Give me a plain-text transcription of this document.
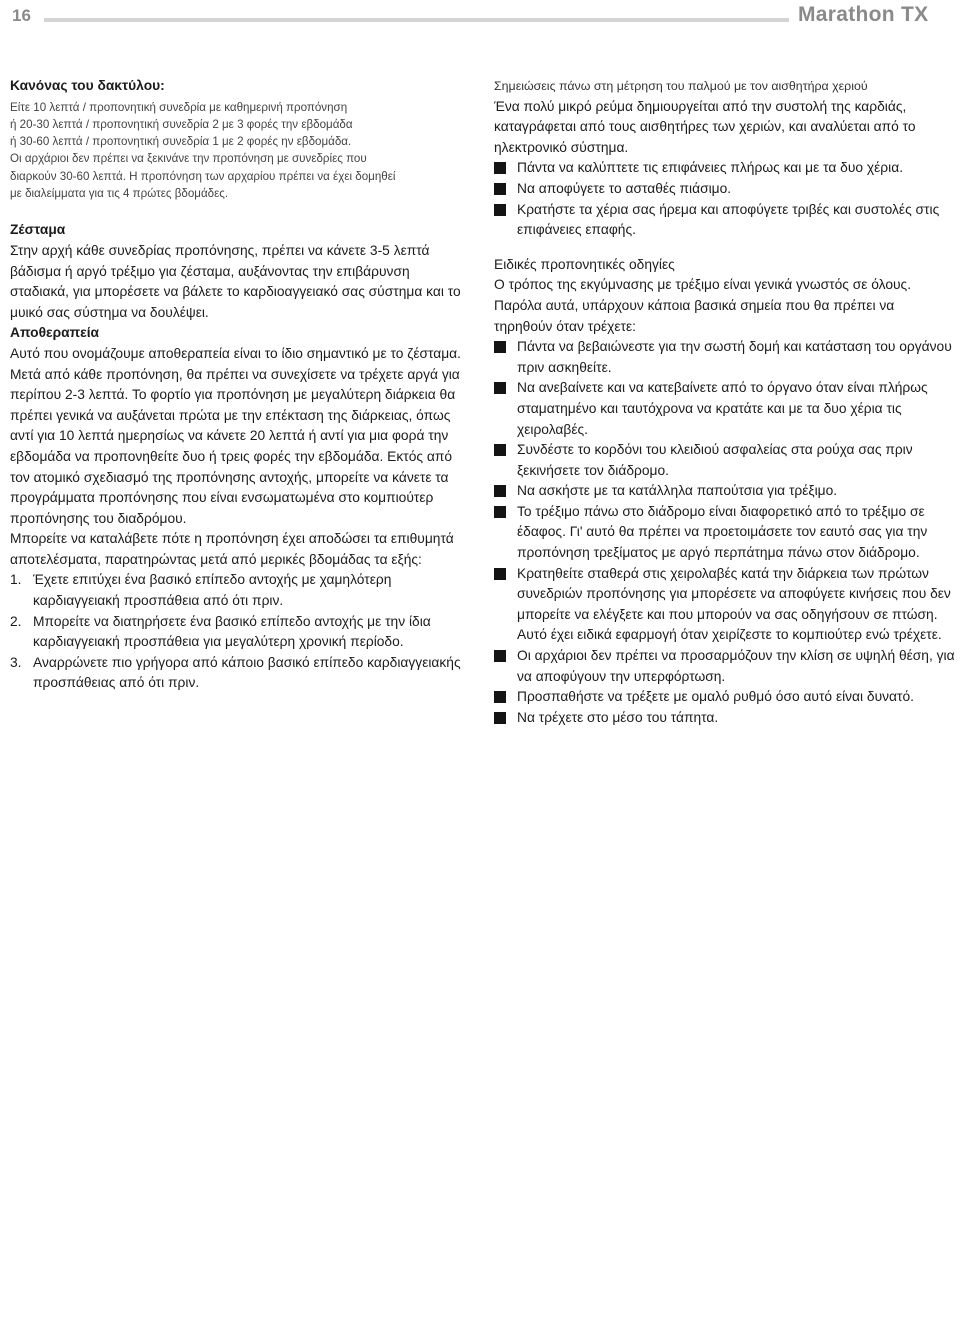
16	Marathon TX

Κανόνας του δακτύλου:

Είτε 10 λεπτά / προπονητική συνεδρία με καθημερινή προπόνηση
ή 20-30 λεπτά / προπονητική συνεδρία 2 με 3 φορές την εβδομάδα
ή 30-60 λεπτά / προπονητική συνεδρία 1 με 2 φορές ην εβδομάδα.
Οι αρχάριοι δεν πρέπει να ξεκινάνε την προπόνηση με συνεδρίες που
διαρκούν 30-60 λεπτά. Η προπόνηση των αρχαρίου πρέπει να έχει δομηθεί
με διαλείμματα για τις 4 πρώτες βδομάδες.

Ζέσταμα

Στην αρχή κάθε συνεδρίας προπόνησης, πρέπει να κάνετε 3-5 λεπτά βάδισμα ή αργό τρέξιμο για ζέσταμα, αυξάνοντας την επιβάρυνση σταδιακά, για μπορέσετε να βάλετε το καρδιοαγγειακό σας σύστημα και το μυικό σας σύστημα να δουλέψει.

Αποθεραπεία

Αυτό που ονομάζουμε αποθεραπεία είναι το ίδιο σημαντικό με το ζέσταμα. Μετά από κάθε προπόνηση, θα πρέπει να συνεχίσετε να τρέχετε αργά για περίπου 2-3 λεπτά. Το φορτίο για προπόνηση με μεγαλύτερη διάρκεια θα πρέπει γενικά να αυξάνεται πρώτα με την επέκταση της διάρκειας, όπως αντί για 10 λεπτά ημερησίως να κάνετε 20 λεπτά ή αντί για μια φορά την εβδομάδα να προπονηθείτε δυο ή τρεις φορές την εβδομάδα. Εκτός από τον ατομικό σχεδιασμό της προπόνησης αντοχής, μπορείτε να κάνετε τα προγράμματα προπόνησης που είναι ενσωματωμένα στο κομπιούτερ προπόνησης του διαδρόμου.

Μπορείτε να καταλάβετε πότε η προπόνηση έχει αποδώσει τα επιθυμητά αποτελέσματα, παρατηρώντας μετά από μερικές βδομάδας τα εξής:

1. Έχετε επιτύχει ένα βασικό επίπεδο αντοχής με χαμηλότερη καρδιαγγειακή προσπάθεια από ότι πριν.
2. Μπορείτε να διατηρήσετε ένα βασικό επίπεδο αντοχής με την ίδια καρδιαγγειακή προσπάθεια για μεγαλύτερη χρονική περίοδο.
3. Αναρρώνετε πιο γρήγορα από κάποιο βασικό επίπεδο καρδιαγγειακής προσπάθειας από ότι πριν.

Σημειώσεις πάνω στη μέτρηση του παλμού με τον αισθητήρα χεριού

Ένα πολύ μικρό ρεύμα δημιουργείται από την συστολή της καρδιάς, καταγράφεται από τους αισθητήρες των χεριών, και αναλύεται από το ηλεκτρονικό σύστημα.

Πάντα να καλύπτετε τις επιφάνειες πλήρως και με τα δυο χέρια.
Να αποφύγετε το ασταθές πιάσιμο.
Κρατήστε τα χέρια σας ήρεμα και αποφύγετε τριβές και συστολές στις επιφάνειες επαφής.

Ειδικές προπονητικές οδηγίες

Ο τρόπος της εκγύμνασης με τρέξιμο είναι γενικά γνωστός σε όλους. Παρόλα αυτά, υπάρχουν κάποια βασικά σημεία που θα πρέπει να τηρηθούν όταν τρέχετε:

Πάντα να βεβαιώνεστε για την σωστή δομή και κατάσταση του οργάνου πριν ασκηθείτε.
Να ανεβαίνετε και να κατεβαίνετε από το όργανο όταν είναι πλήρως σταματημένο και ταυτόχρονα να κρατάτε και με τα δυο χέρια τις χειρολαβές.
Συνδέστε το κορδόνι του κλειδιού ασφαλείας στα ρούχα σας πριν ξεκινήσετε τον διάδρομο.
Να ασκήστε με τα κατάλληλα παπούτσια για τρέξιμο.
Το τρέξιμο πάνω στο διάδρομο είναι διαφορετικό από το τρέξιμο σε έδαφος. Γι' αυτό θα πρέπει να προετοιμάσετε τον εαυτό σας για την προπόνηση τρεξίματος με αργό περπάτημα πάνω στον διάδρομο.
Κρατηθείτε σταθερά στις χειρολαβές κατά την διάρκεια των πρώτων συνεδριών προπόνησης για μπορέσετε να αποφύγετε κινήσεις που δεν μπορείτε να ελέγξετε και που μπορούν να σας οδηγήσουν σε πτώση. Αυτό έχει ειδικά εφαρμογή όταν χειρίζεστε το κομπιούτερ ενώ τρέχετε.
Οι αρχάριοι δεν πρέπει να προσαρμόζουν την κλίση σε υψηλή θέση, για να αποφύγουν την υπερφόρτωση.
Προσπαθήστε να τρέξετε με ομαλό ρυθμό όσο αυτό είναι δυνατό.
Να τρέχετε στο μέσο του τάπητα.
